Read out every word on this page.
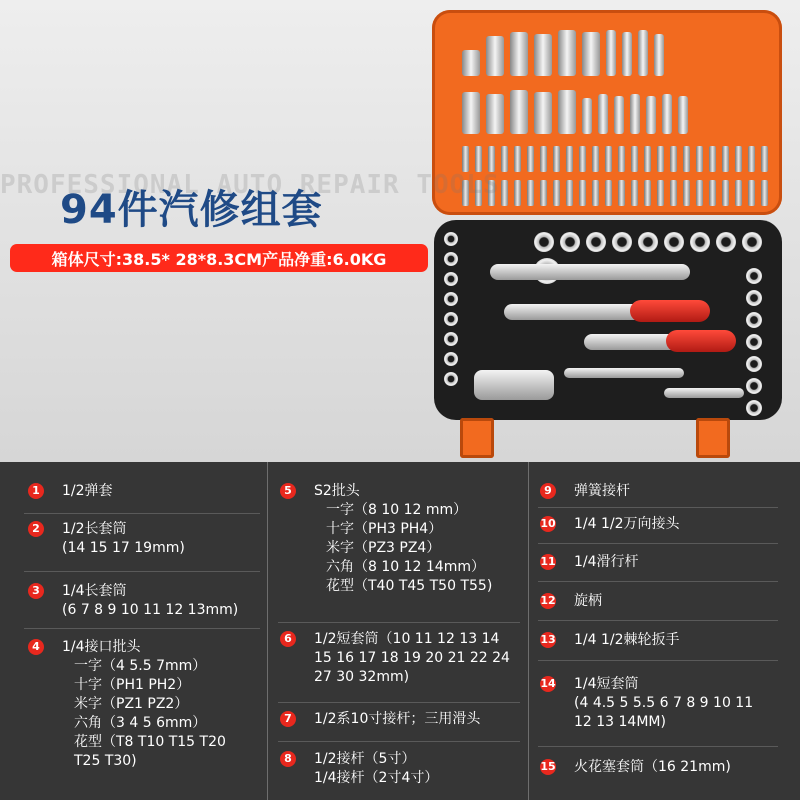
PROFESSIONAL AUTO REPAIR TOOLS
94件汽修组套
箱体尺寸:38.5* 28*8.3CM产品净重:6.0KG
1 1/2弹套
2 1/2长套筒
(14 15 17 19mm)
3 1/4长套筒
(6 7 8 9 10 11 12 13mm)
4 1/4接口批头
一字（4 5.5 7mm）
十字（PH1 PH2）
米字（PZ1 PZ2）
六角（3 4 5 6mm）
花型（T8 T10 T15 T20
T25 T30)
5 S2批头
一字（8 10 12 mm）
十字（PH3 PH4）
米字（PZ3 PZ4）
六角（8 10 12 14mm）
花型（T40 T45 T50 T55)
6 1/2短套筒（10 11 12 13 14
15 16 17 18 19 20 21 22 24
27 30 32mm)
7 1/2系10寸接杆；三用滑头
8 1/2接杆（5寸）
1/4接杆（2寸4寸）
9 弹簧接杆
10 1/4 1/2万向接头
11 1/4滑行杆
12 旋柄
13 1/4 1/2棘轮扳手
14 1/4短套筒
(4 4.5 5 5.5 6 7 8 9 10 11
12 13 14MM)
15 火花塞套筒（16 21mm)
